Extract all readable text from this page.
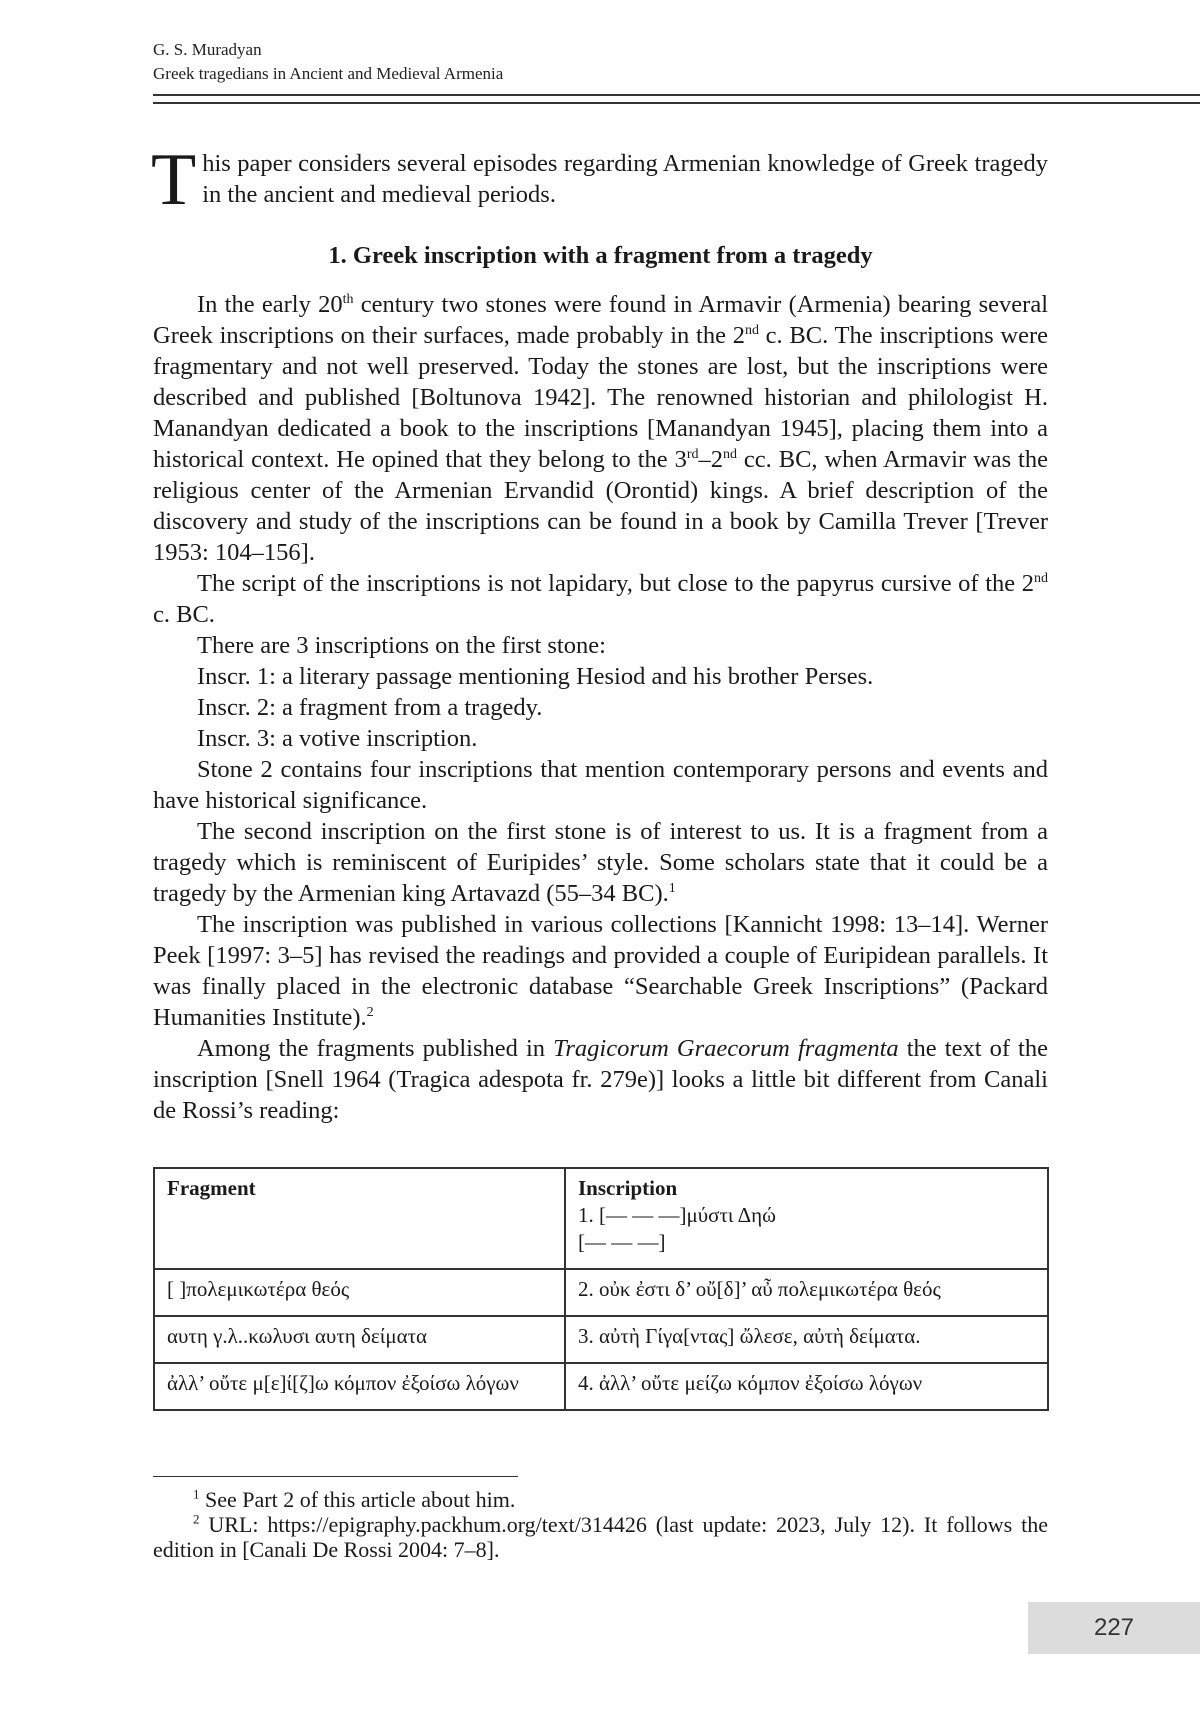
G. S. Muradyan
Greek tragedians in Ancient and Medieval Armenia

T his paper considers several episodes regarding Armenian knowledge of Greek tragedy in the ancient and medieval periods.

1. Greek inscription with a fragment from a tragedy

In the early 20th century two stones were found in Armavir (Armenia) bearing several Greek inscriptions on their surfaces, made probably in the 2nd c. BC. The inscriptions were fragmentary and not well preserved. Today the stones are lost, but the inscriptions were described and published [Boltunova 1942]. The renowned historian and philologist H. Manandyan dedicated a book to the inscriptions [Manandyan 1945], placing them into a historical context. He opined that they belong to the 3rd–2nd cc. BC, when Armavir was the religious center of the Armenian Ervandid (Orontid) kings. A brief description of the discovery and study of the inscriptions can be found in a book by Camilla Trever [Trever 1953: 104–156].

The script of the inscriptions is not lapidary, but close to the papyrus cursive of the 2nd c. BC.

There are 3 inscriptions on the first stone:

Inscr. 1: a literary passage mentioning Hesiod and his brother Perses.

Inscr. 2: a fragment from a tragedy.

Inscr. 3: a votive inscription.

Stone 2 contains four inscriptions that mention contemporary persons and events and have historical significance.

The second inscription on the first stone is of interest to us. It is a fragment from a tragedy which is reminiscent of Euripides’ style. Some scholars state that it could be a tragedy by the Armenian king Artavazd (55–34 BC).1

The inscription was published in various collections [Kannicht 1998: 13–14]. Werner Peek [1997: 3–5] has revised the readings and provided a couple of Euripidean parallels. It was finally placed in the electronic database “Searchable Greek Inscriptions” (Packard Humanities Institute).2

Among the fragments published in Tragicorum Graecorum fragmenta the text of the inscription [Snell 1964 (Tragica adespota fr. 279e)] looks a little bit different from Canali de Rossi’s reading:

Fragment	Inscription
1. [— — —]μύστι Δηώ
[— — —]

[ ]πολεμικωτέρα θεός	2. οὐκ ἐστι δ’ οὔ[δ]’ αὖ πολεμικωτέρα θεός
αυτη γ.λ..κωλυσι αυτη δείματα	3. αὐτὴ Γίγα[ντας] ὤλεσε, αὐτὴ δείματα.
ἀλλ’ οὔτε μ[ε]ί[ζ]ω κόμπον ἐξοίσω λόγων	4. ἀλλ’ οὔτε μείζω κόμπον ἐξοίσω λόγων

1 See Part 2 of this article about him.

2 URL: https://epigraphy.packhum.org/text/314426 (last update: 2023, July 12). It follows the edition in [Canali De Rossi 2004: 7–8].

227
